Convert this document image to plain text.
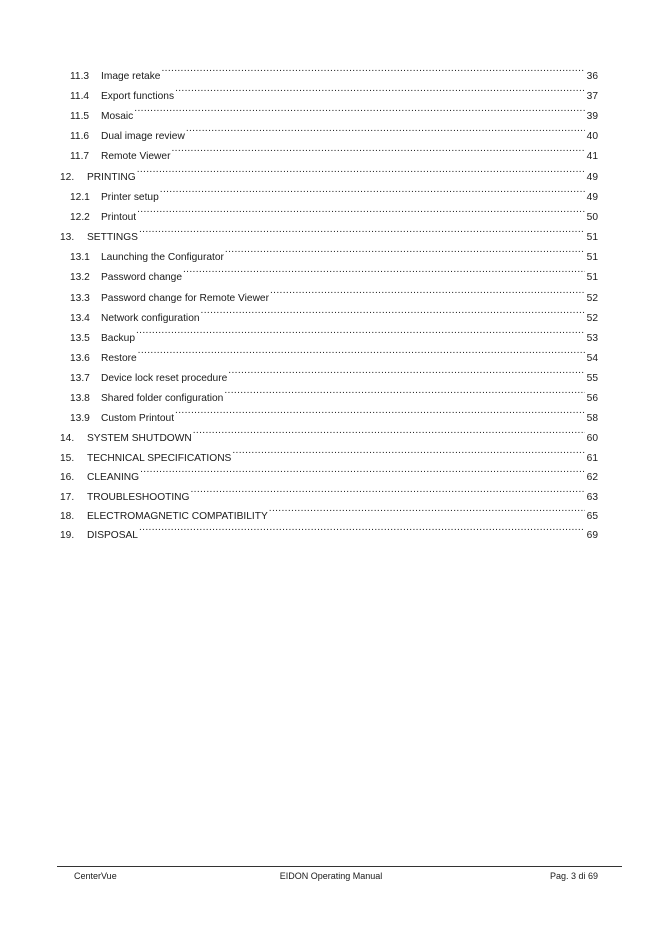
11.3	Image retake .....	36
11.4	Export functions .....	37
11.5	Mosaic .....	39
11.6	Dual image review .....	40
11.7	Remote Viewer .....	41
12.	PRINTING .....	49
12.1	Printer setup .....	49
12.2	Printout .....	50
13.	SETTINGS .....	51
13.1	Launching the Configurator .....	51
13.2	Password change .....	51
13.3	Password change for Remote Viewer .....	52
13.4	Network configuration .....	52
13.5	Backup .....	53
13.6	Restore .....	54
13.7	Device lock reset procedure .....	55
13.8	Shared folder configuration .....	56
13.9	Custom Printout .....	58
14.	SYSTEM SHUTDOWN .....	60
15.	TECHNICAL SPECIFICATIONS .....	61
16.	CLEANING .....	62
17.	TROUBLESHOOTING .....	63
18.	ELECTROMAGNETIC COMPATIBILITY .....	65
19.	DISPOSAL .....	69
EIDON Operating Manual
CenterVue	Pag. 3 di 69
